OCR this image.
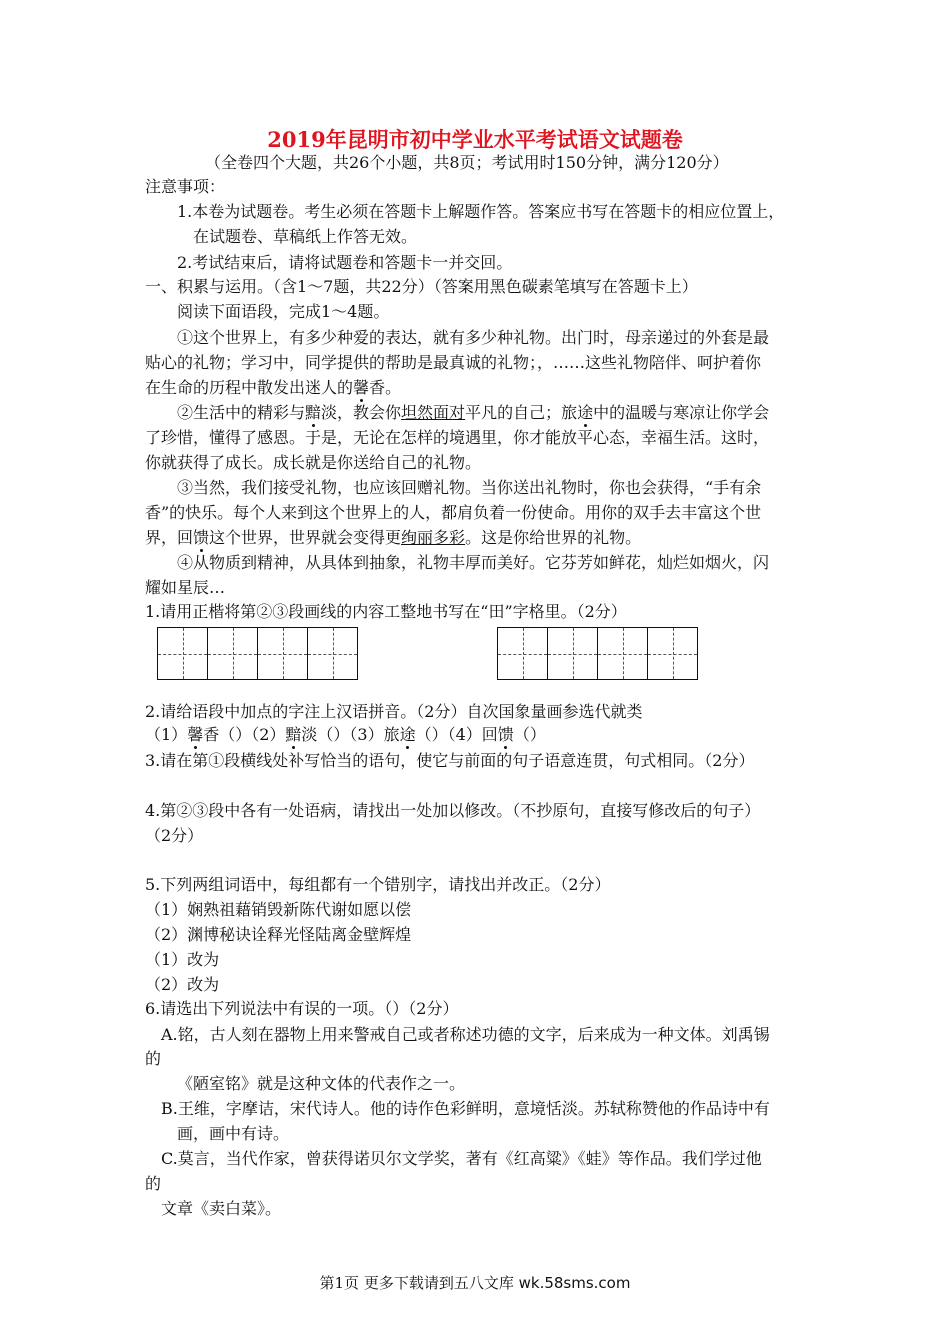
2019年昆明市初中学业水平考试语文试题卷
（全卷四个大题，共26个小题，共8页；考试用时150分钟，满分120分）
注意事项：
1.本卷为试题卷。考生必须在答题卡上解题作答。答案应书写在答题卡的相应位置上，
在试题卷、草稿纸上作答无效。
2.考试结束后，请将试题卷和答题卡一并交回。
一、积累与运用。（含1～7题，共22分）（答案用黑色碳素笔填写在答题卡上）
阅读下面语段，完成1～4题。
①这个世界上，有多少种爱的表达，就有多少种礼物。出门时，母亲递过的外套是最
贴心的礼物；学习中，同学提供的帮助是最真诚的礼物；，……这些礼物陪伴、呵护着你
在生命的历程中散发出迷人的馨香。
②生活中的精彩与黯淡，教会你坦然面对平凡的自己；旅途中的温暖与寒凉让你学会
了珍惜，懂得了感恩。于是，无论在怎样的境遇里，你才能放平心态，幸福生活。这时，
你就获得了成长。成长就是你送给自己的礼物。
③当然，我们接受礼物，也应该回赠礼物。当你送出礼物时，你也会获得，“手有余
香”的快乐。每个人来到这个世界上的人，都肩负着一份使命。用你的双手去丰富这个世
界，回馈这个世界，世界就会变得更绚丽多彩。这是你给世界的礼物。
④从物质到精神，从具体到抽象，礼物丰厚而美好。它芬芳如鲜花，灿烂如烟火，闪
耀如星辰…
1.请用正楷将第②③段画线的内容工整地书写在“田”字格里。（2分）
2.请给语段中加点的字注上汉语拼音。（2分）自次国象量画参选代就类
（1）馨香（）（2）黯淡（）（3）旅途（）（4）回馈（）
3.请在第①段横线处补写恰当的语句，使它与前面的句子语意连贯，句式相同。（2分）
4.第②③段中各有一处语病，请找出一处加以修改。（不抄原句，直接写修改后的句子）
（2分）
5.下列两组词语中，每组都有一个错别字，请找出并改正。（2分）
（1）娴熟祖藉销毁新陈代谢如愿以偿
（2）渊博秘诀诠释光怪陆离金壁辉煌
（1）改为
（2）改为
6.请选出下列说法中有误的一项。（）（2分）
A.铭，古人刻在器物上用来警戒自己或者称述功德的文字，后来成为一种文体。刘禹锡
的
《陋室铭》就是这种文体的代表作之一。
B.王维，字摩诘，宋代诗人。他的诗作色彩鲜明，意境恬淡。苏轼称赞他的作品诗中有
画，画中有诗。
C.莫言，当代作家，曾获得诺贝尔文学奖，著有《红高粱》《蛙》等作品。我们学过他
的
文章《卖白菜》。
第1页 更多下载请到五八文库 wk.58sms.com
